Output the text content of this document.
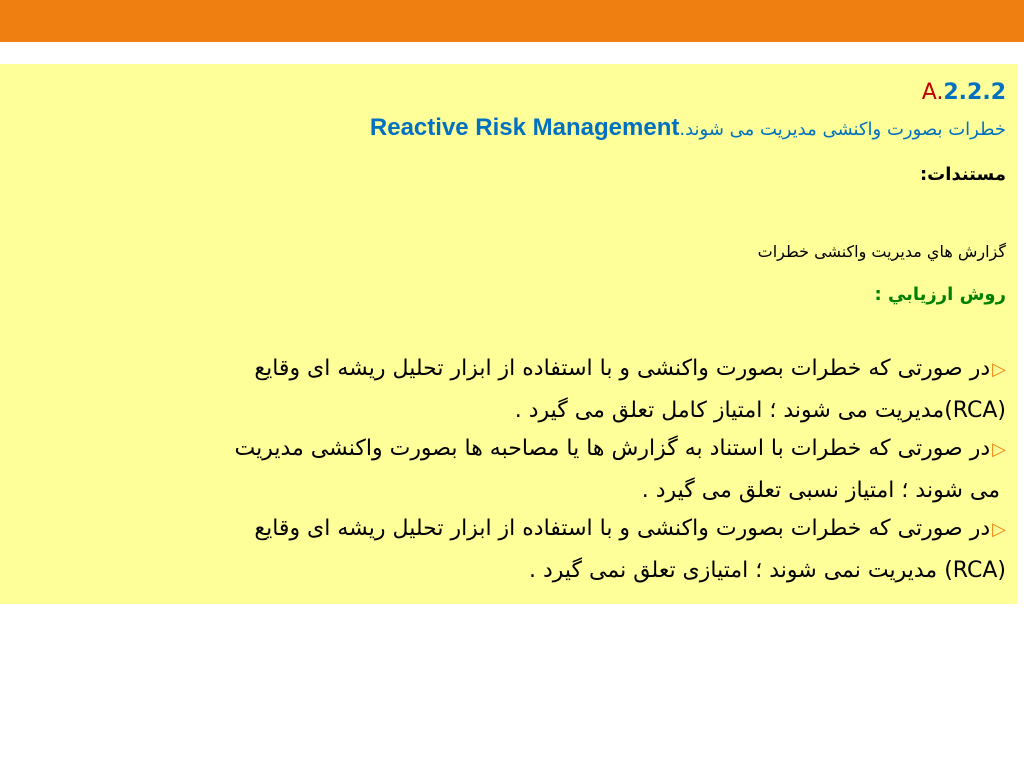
A.2.2.2
خطرات بصورت واکنشی مدیریت می شوند.Reactive Risk Management
مستندات:
گزارش هاي مديريت واكنشی خطرات
روش ارزيابي :
▷در صورتی که خطرات بصورت واکنشی و با استفاده از ابزار تحلیل ریشه ای وقایع
(RCA)مدیریت می شوند ؛ امتیاز کامل تعلق می گیرد .
▷در صورتی که خطرات با استناد به گزارش ها یا مصاحبه ها بصورت واکنشی مدیریت
می شوند ؛ امتیاز نسبی تعلق می گیرد .
▷در صورتی که خطرات بصورت واکنشی و با استفاده از ابزار تحلیل ریشه ای وقایع
(RCA) مدیریت نمی شوند ؛ امتیازی تعلق نمی گیرد .
